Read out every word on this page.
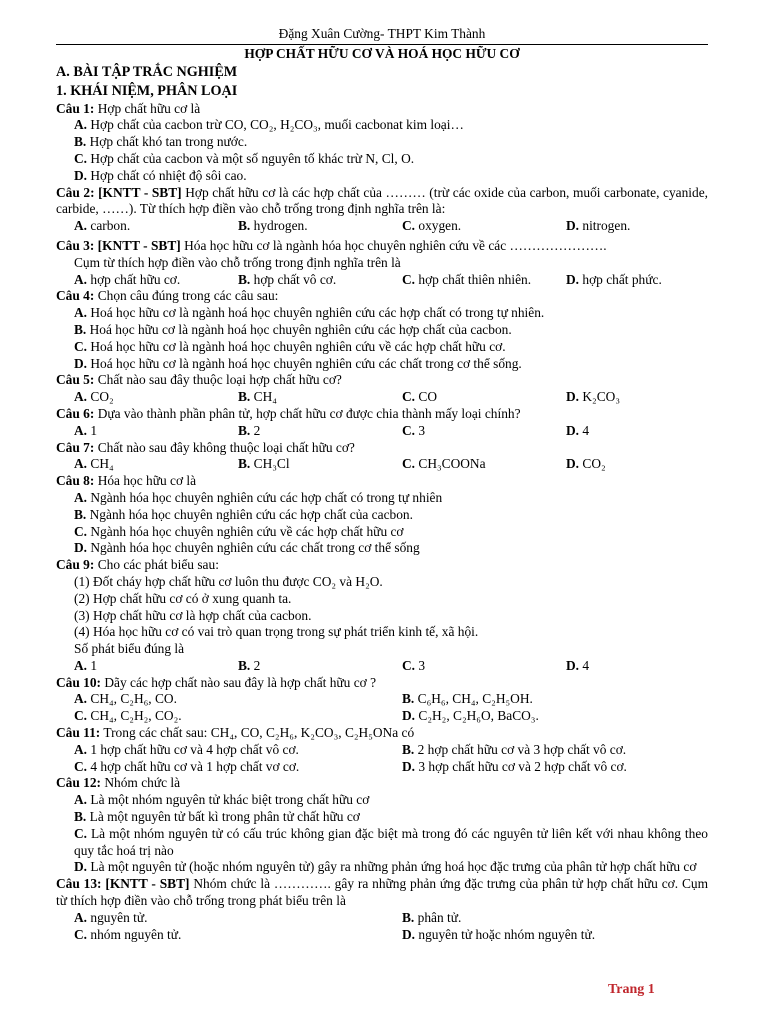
Đặng Xuân Cường- THPT Kim Thành
HỢP CHẤT HỮU CƠ VÀ HOÁ HỌC HỮU CƠ
A. BÀI TẬP TRẮC NGHIỆM
1. KHÁI NIỆM, PHÂN LOẠI
Câu 1: Hợp chất hữu cơ là
A. Hợp chất của cacbon trừ CO, CO₂, H₂CO₃, muối cacbonat kim loại…
B. Hợp chất khó tan trong nước.
C. Hợp chất của cacbon và một số nguyên tố khác trừ N, Cl, O.
D. Hợp chất có nhiệt độ sôi cao.
Câu 2: [KNTT - SBT] Hợp chất hữu cơ là các hợp chất của ……… (trừ các oxide của carbon, muối carbonate, cyanide, carbide, ……). Từ thích hợp điền vào chỗ trống trong định nghĩa trên là:
A. carbon.	B. hydrogen.	C. oxygen.	D. nitrogen.
Câu 3: [KNTT - SBT] Hóa học hữu cơ là ngành hóa học chuyên nghiên cứu về các ………………….
Cụm từ thích hợp điền vào chỗ trống trong định nghĩa trên là
A. hợp chất hữu cơ.	B. hợp chất vô cơ.	C. hợp chất thiên nhiên.	D. hợp chất phức.
Câu 4: Chọn câu đúng trong các câu sau:
A. Hoá học hữu cơ là ngành hoá học chuyên nghiên cứu các hợp chất có trong tự nhiên.
B. Hoá học hữu cơ là ngành hoá học chuyên nghiên cứu các hợp chất của cacbon.
C. Hoá học hữu cơ là ngành hoá học chuyên nghiên cứu về các hợp chất hữu cơ.
D. Hoá học hữu cơ là ngành hoá học chuyên nghiên cứu các chất trong cơ thể sống.
Câu 5: Chất nào sau đây thuộc loại hợp chất hữu cơ?
A. CO₂	B. CH₄	C. CO	D. K₂CO₃
Câu 6: Dựa vào thành phần phân tử, hợp chất hữu cơ được chia thành mấy loại chính?
A. 1	B. 2	C. 3	D. 4
Câu 7: Chất nào sau đây không thuộc loại chất hữu cơ?
A. CH₄	B. CH₃Cl	C. CH₃COONa	D. CO₂
Câu 8: Hóa học hữu cơ là
A. Ngành hóa học chuyên nghiên cứu các hợp chất có trong tự nhiên
B. Ngành hóa học chuyên nghiên cứu các hợp chất của cacbon.
C. Ngành hóa học chuyên nghiên cứu về các hợp chất hữu cơ
D. Ngành hóa học chuyên nghiên cứu các chất trong cơ thể sống
Câu 9: Cho các phát biểu sau:
(1) Đốt cháy hợp chất hữu cơ luôn thu được CO₂ và H₂O.
(2) Hợp chất hữu cơ có ở xung quanh ta.
(3) Hợp chất hữu cơ là hợp chất của cacbon.
(4) Hóa học hữu cơ có vai trò quan trọng trong sự phát triển kinh tế, xã hội.
Số phát biểu đúng là
A. 1	B. 2	C. 3	D. 4
Câu 10: Dãy các hợp chất nào sau đây là hợp chất hữu cơ ?
A. CH₄, C₂H₆, CO.	B. C₆H₆, CH₄, C₂H₅OH.
C. CH₄, C₂H₂, CO₂.	D. C₂H₂, C₂H₆O, BaCO₃.
Câu 11: Trong các chất sau: CH₄, CO, C₂H₆, K₂CO₃, C₂H₅ONa có
A. 1 hợp chất hữu cơ và 4 hợp chất vô cơ.	B. 2 hợp chất hữu cơ và 3 hợp chất vô cơ.
C. 4 hợp chất hữu cơ và 1 hợp chất vơ cơ.	D. 3 hợp chất hữu cơ và 2 hợp chất vô cơ.
Câu 12: Nhóm chức là
A. Là một nhóm nguyên tử khác biệt trong chất hữu cơ
B. Là một nguyên tử bất kì trong phân tử chất hữu cơ
C. Là một nhóm nguyên tử có cấu trúc không gian đặc biệt mà trong đó các nguyên tử liên kết với nhau không theo quy tắc hoá trị nào
D. Là một nguyên tử (hoặc nhóm nguyên tử) gây ra những phản ứng hoá học đặc trưng của phân tử hợp chất hữu cơ
Câu 13: [KNTT - SBT] Nhóm chức là …………. gây ra những phản ứng đặc trưng của phân tử hợp chất hữu cơ. Cụm từ thích hợp điền vào chỗ trống trong phát biểu trên là
A. nguyên tử.	B. phân tử.
C. nhóm nguyên tử.	D. nguyên tử hoặc nhóm nguyên tử.
Trang 1
